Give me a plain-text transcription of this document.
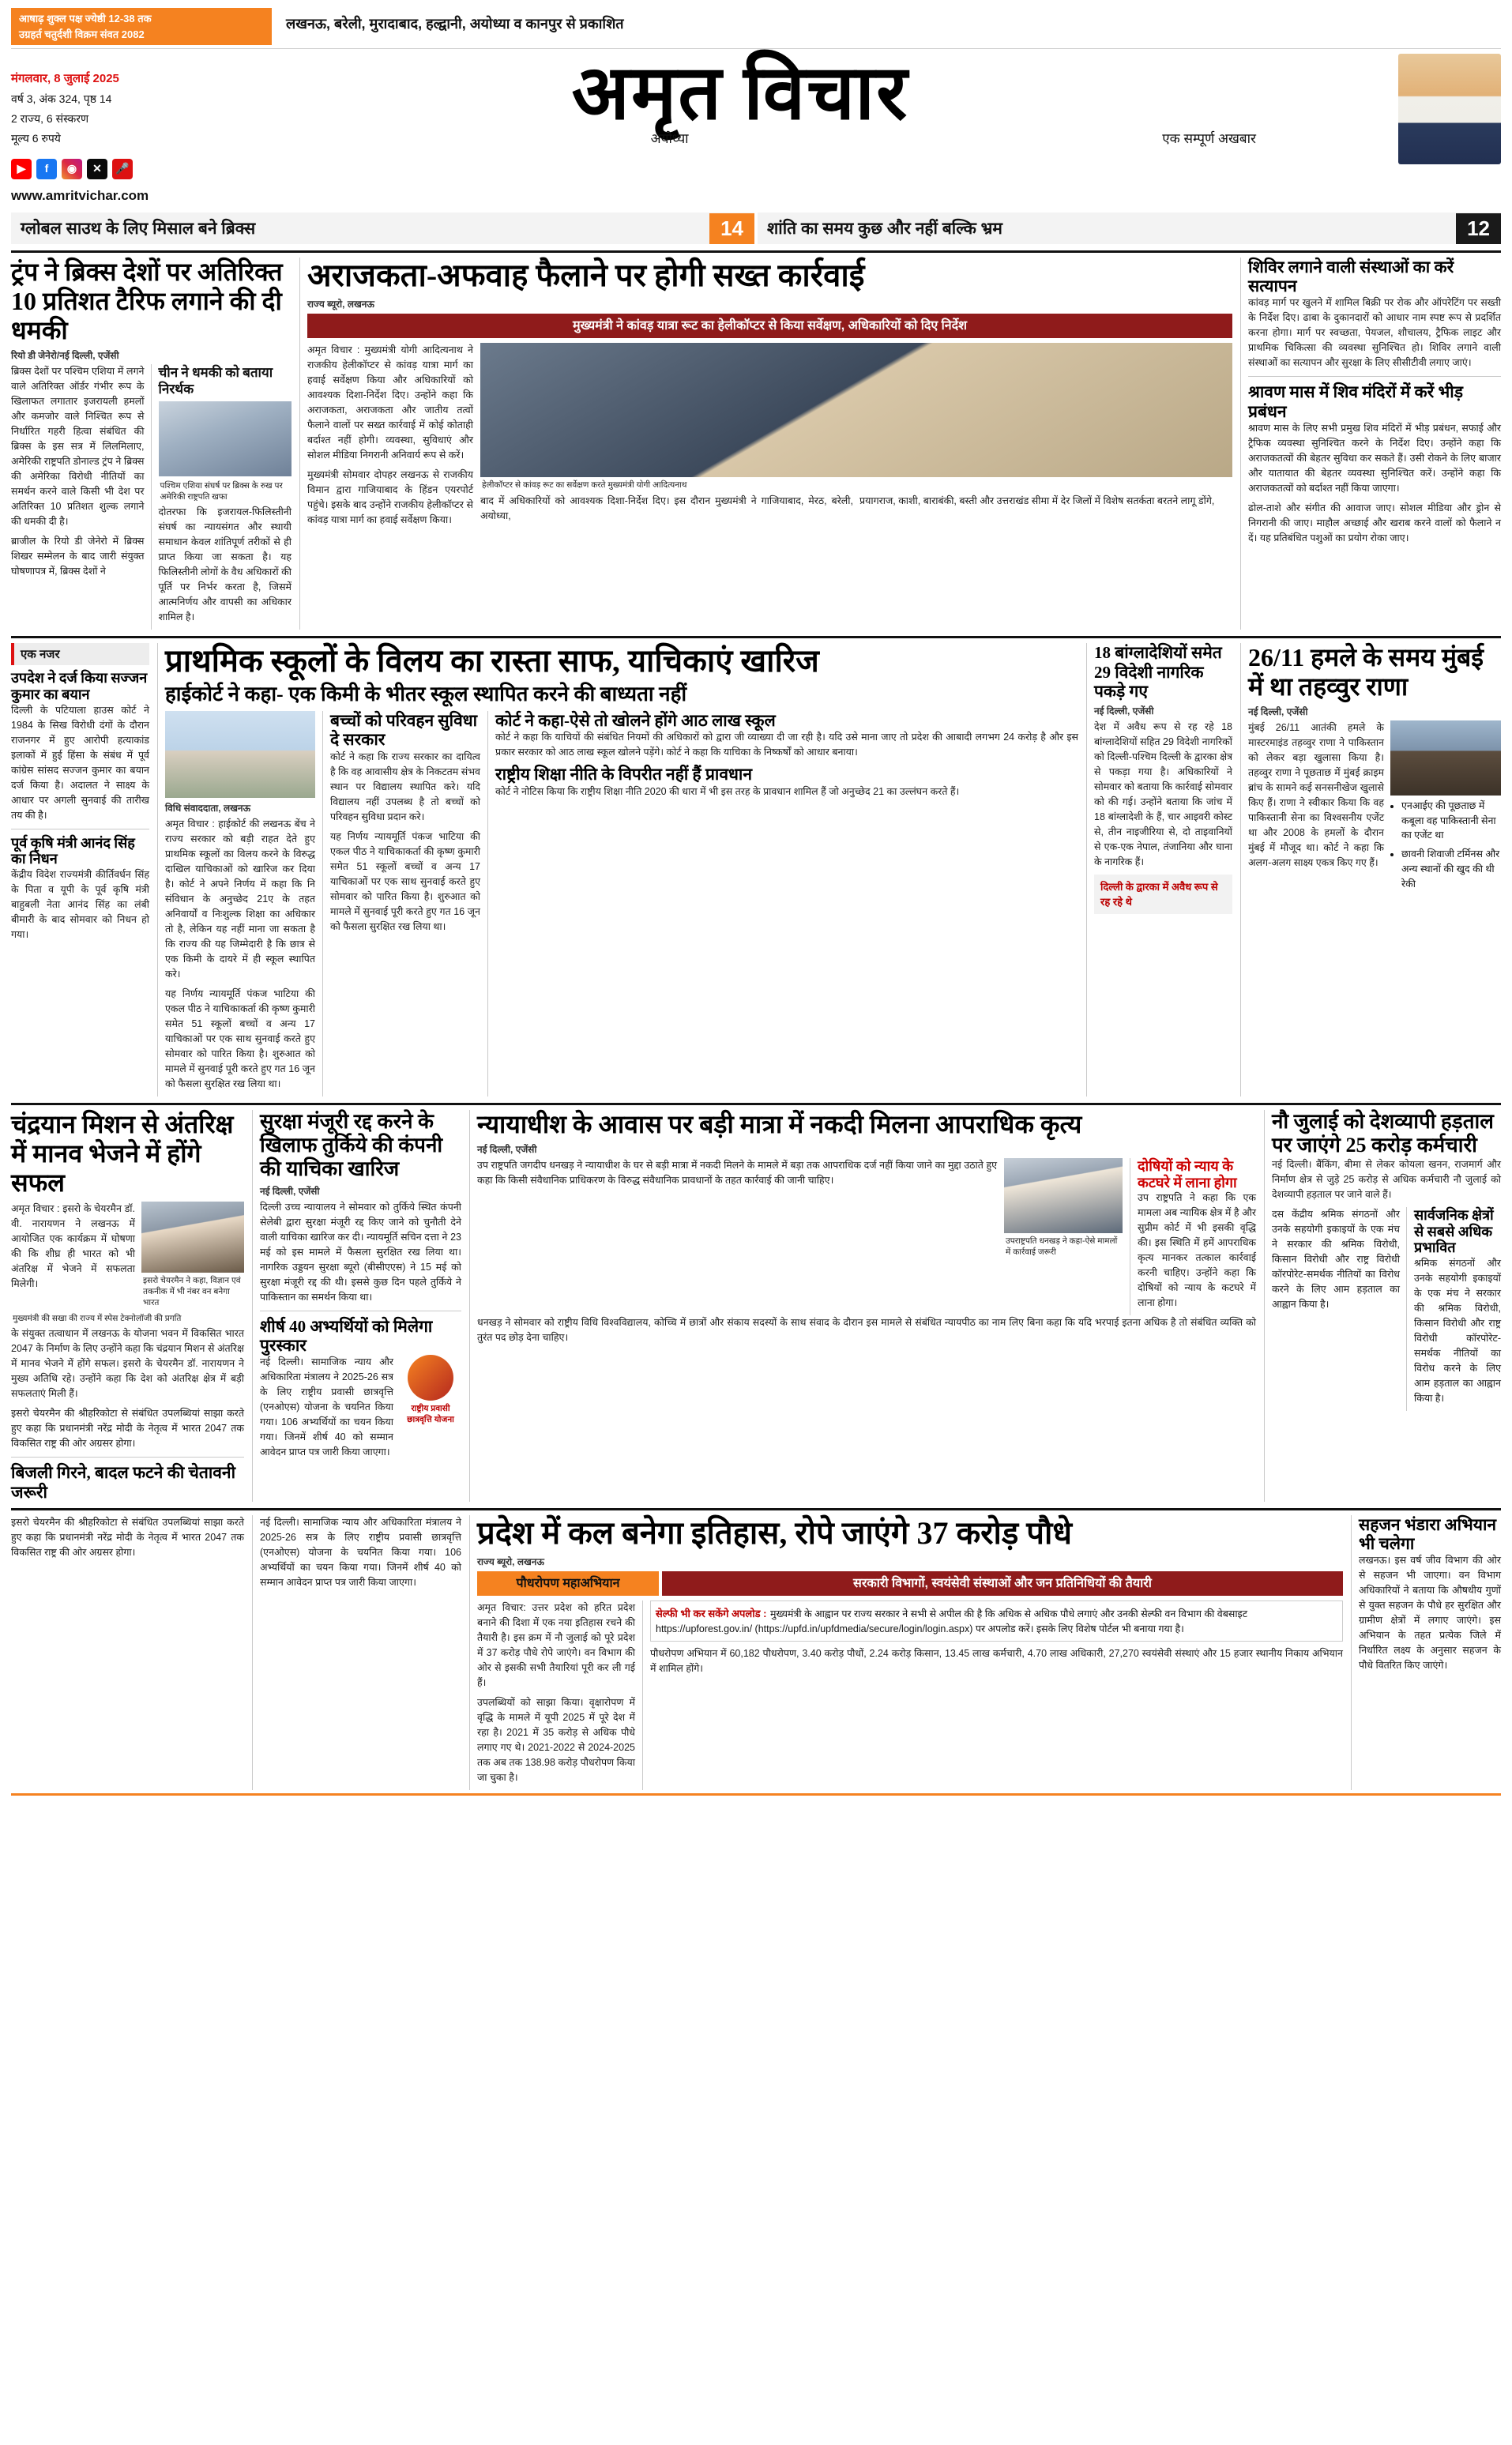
आषाढ़ शुक्ल पक्ष ज्येष्ठी 12-38 तक
उग्रहर्त चतुर्दशी विक्रम संवत 2082
लखनऊ, बरेली, मुरादाबाद, हल्द्वानी, अयोध्या व कानपुर से प्रकाशित
मंगलवार, 8 जुलाई 2025
वर्ष 3, अंक 324, पृष्ठ 14
2 राज्य, 6 संस्करण
मूल्य 6 रुपये
▶	f	◉	✕	🎤
www.amritvichar.com
अमृत विचार
एक सम्पूर्ण अखबार
अयोध्या
ग्लोबल साउथ के लिए मिसाल बने ब्रिक्स	14	शांति का समय कुछ और नहीं बल्कि भ्रम	12
ट्रंप ने ब्रिक्स देशों पर अतिरिक्त 10 प्रतिशत टैरिफ लगाने की दी धमकी
रियो डी जेनेरो/नई दिल्ली, एजेंसी

ब्रिक्स देशों पर पश्चिम एशिया में लगने वाले अतिरिक्त ऑर्डर गंभीर रूप के खिलाफत लगातार इजरायली हमलों और कमजोर वाले निश्चित रूप से निर्धारित गहरी हित्वा संबंधित की ब्रिक्स के इस सत्र में लिलमिलाए, अमेरिकी राष्ट्रपति डोनाल्ड ट्रंप ने ब्रिक्स की अमेरिका विरोधी नीतियों का समर्थन करने वाले किसी भी देश पर अतिरिक्त 10 प्रतिशत शुल्क लगाने की धमकी दी है।

ब्राजील के रियो डी जेनेरो में ब्रिक्स शिखर सम्मेलन के बाद जारी संयुक्त घोषणापत्र में, ब्रिक्स देशों ने

चीन ने धमकी को बताया निरर्थक
पश्चिम एशिया संघर्ष पर ब्रिक्स के रुख पर अमेरिकी राष्ट्रपति खफा

दोतरफा कि इजरायल-फिलिस्तीनी संघर्ष का न्यायसंगत और स्थायी समाधान केवल शांतिपूर्ण तरीकों से ही प्राप्त किया जा सकता है। यह फिलिस्तीनी लोगों के वैध अधिकारों की पूर्ति पर निर्भर करता है, जिसमें आत्मनिर्णय और वापसी का अधिकार शामिल है।

अराजकता-अफवाह फैलाने पर होगी सख्त कार्रवाई
राज्य ब्यूरो, लखनऊ
मुख्यमंत्री ने कांवड़ यात्रा रूट का हेलीकॉप्टर से किया सर्वेक्षण, अधिकारियों को दिए निर्देश

अमृत विचार : मुख्यमंत्री योगी आदित्यनाथ ने राजकीय हेलीकॉप्टर से कांवड़ यात्रा मार्ग का हवाई सर्वेक्षण किया और अधिकारियों को आवश्यक दिशा-निर्देश दिए। उन्होंने कहा कि अराजकता, अराजकता और जातीय तत्वों फैलाने वालों पर सख्त कार्रवाई में कोई कोताही बर्दाश्त नहीं होगी। व्यवस्था, सुविधाएं और सोशल मीडिया निगरानी अनिवार्य रूप से करें।

मुख्यमंत्री सोमवार दोपहर लखनऊ से राजकीय विमान द्वारा गाजियाबाद के हिंडन एयरपोर्ट पहुंचे। इसके बाद उन्होंने राजकीय हेलीकॉप्टर से कांवड़ यात्रा मार्ग का हवाई सर्वेक्षण किया।

हेलीकॉप्टर से कांवड़ रूट का सर्वेक्षण करते मुख्यमंत्री योगी आदित्यनाथ

बाद में अधिकारियों को आवश्यक दिशा-निर्देश दिए। इस दौरान मुख्यमंत्री ने गाजियाबाद, मेरठ, बरेली, अयोध्या,

प्रयागराज, काशी, बाराबंकी, बस्ती और उत्तराखंड सीमा में देर जिलों में विशेष सतर्कता बरतने लागू डोंगे,

शिविर लगाने वाली संस्थाओं का करें सत्यापन

कांवड़ मार्ग पर खुलने में शामिल बिक्री पर रोक और ऑपरेटिंग पर सख्ती के निर्देश दिए। ढाबा के दुकानदारों को आधार नाम स्पष्ट रूप से प्रदर्शित करना होगा। मार्ग पर स्वच्छता, पेयजल, शौचालय, ट्रैफिक लाइट और प्राथमिक चिकित्सा की व्यवस्था सुनिश्चित हो। शिविर लगाने वाली संस्थाओं का सत्यापन और सुरक्षा के लिए सीसीटीवी लगाए जाएं।

श्रावण मास में शिव मंदिरों में करें भीड़ प्रबंधन

श्रावण मास के लिए सभी प्रमुख शिव मंदिरों में भीड़ प्रबंधन, सफाई और ट्रैफिक व्यवस्था सुनिश्चित करने के निर्देश दिए। उन्होंने कहा कि अराजकतत्वों की बेहतर सुविधा कर सकते हैं। उसी रोकने के लिए बाजार और यातायात की बेहतर व्यवस्था सुनिश्चित करें। उन्होंने कहा कि अराजकतत्वों को बर्दाश्त नहीं किया जाएगा।

ढोल-ताशे और संगीत की आवाज जाए। सोशल मीडिया और ड्रोन से निगरानी की जाए। माहौल अच्छाई और खराब करने वालों को फैलाने न दें। यह प्रतिबंधित पशुओं का प्रयोग रोका जाए।

एक नजर
उपदेश ने दर्ज किया सज्जन कुमार का बयान

दिल्ली के पटियाला हाउस कोर्ट ने 1984 के सिख विरोधी दंगों के दौरान राजनगर में हुए आरोपी हत्याकांड इलाकों में हुई हिंसा के संबंध में पूर्व कांग्रेस सांसद सज्जन कुमार का बयान दर्ज किया है। अदालत ने साक्ष्य के आधार पर अगली सुनवाई की तारीख तय की है।

पूर्व कृषि मंत्री आनंद सिंह का निधन

केंद्रीय विदेश राज्यमंत्री कीर्तिवर्धन सिंह के पिता व यूपी के पूर्व कृषि मंत्री बाहुबली नेता आनंद सिंह का लंबी बीमारी के बाद सोमवार को निधन हो गया।

प्राथमिक स्कूलों के विलय का रास्ता साफ, याचिकाएं खारिज
हाईकोर्ट ने कहा- एक किमी के भीतर स्कूल स्थापित करने की बाध्यता नहीं
विधि संवाददाता, लखनऊ

अमृत विचार : हाईकोर्ट की लखनऊ बेंच ने राज्य सरकार को बड़ी राहत देते हुए प्राथमिक स्कूलों का विलय करने के विरुद्ध दाखिल याचिकाओं को खारिज कर दिया है। कोर्ट ने अपने निर्णय में कहा कि नि संविधान के अनुच्छेद 21ए के तहत अनिवार्यों व निःशुल्क शिक्षा का अधिकार तो है, लेकिन यह नहीं माना जा सकता है कि राज्य की यह जिम्मेदारी है कि छात्र से एक किमी के दायरे में ही स्कूल स्थापित करे।

यह निर्णय न्यायमूर्ति पंकज भाटिया की एकल पीठ ने याचिकाकर्ता की कृष्ण कुमारी समेत 51 स्कूलों बच्चों व अन्य 17 याचिकाओं पर एक साथ सुनवाई करते हुए सोमवार को पारित किया है। शुरुआत को मामले में सुनवाई पूरी करते हुए गत 16 जून को फैसला सुरक्षित रख लिया था।

बच्चों को परिवहन सुविधा दे सरकार

कोर्ट ने कहा कि राज्य सरकार का दायित्व है कि वह आवासीय क्षेत्र के निकटतम संभव स्थान पर विद्यालय स्थापित करे। यदि विद्यालय नहीं उपलब्ध है तो बच्चों को परिवहन सुविधा प्रदान करे।

यह निर्णय न्यायमूर्ति पंकज भाटिया की एकल पीठ ने याचिकाकर्ता की कृष्ण कुमारी समेत 51 स्कूलों बच्चों व अन्य 17 याचिकाओं पर एक साथ सुनवाई करते हुए सोमवार को पारित किया है। शुरुआत को मामले में सुनवाई पूरी करते हुए गत 16 जून को फैसला सुरक्षित रख लिया था।

कोर्ट ने कहा-ऐसे तो खोलने होंगे आठ लाख स्कूल

कोर्ट ने कहा कि याचियों की संबंधित नियमों की अधिकारों को द्वारा जी व्याख्या दी जा रही है। यदि उसे माना जाए तो प्रदेश की आबादी लगभग 24 करोड़ है और इस प्रकार सरकार को आठ लाख स्कूल खोलने पड़ेंगे। कोर्ट ने कहा कि याचिका के निष्कर्षों को आधार बनाया।

राष्ट्रीय शिक्षा नीति के विपरीत नहीं हैं प्रावधान

कोर्ट ने नोटिस किया कि राष्ट्रीय शिक्षा नीति 2020 की धारा में भी इस तरह के प्रावधान शामिल हैं जो अनुच्छेद 21 का उल्लंघन करते हैं।

18 बांग्लादेशियों समेत 29 विदेशी नागरिक पकड़े गए
नई दिल्ली, एजेंसी

देश में अवैध रूप से रह रहे 18 बांग्लादेशियों सहित 29 विदेशी नागरिकों को दिल्ली-पश्चिम दिल्ली के द्वारका क्षेत्र से पकड़ा गया है। अधिकारियों ने सोमवार को बताया कि कार्रवाई सोमवार को की गई। उन्होंने बताया कि जांच में 18 बांग्लादेशी के हैं, चार आइवरी कोस्ट से, तीन नाइजीरिया से, दो ताइवानियों से एक-एक नेपाल, तंजानिया और घाना के नागरिक हैं।

दिल्ली के द्वारका में अवैध रूप से रह रहे थे
26/11 हमले के समय मुंबई में था तहव्वुर राणा
नई दिल्ली, एजेंसी

मुंबई 26/11 आतंकी हमले के मास्टरमाइंड तहव्वुर राणा ने पाकिस्तान को लेकर बड़ा खुलासा किया है। तहव्वुर राणा ने पूछताछ में मुंबई क्राइम ब्रांच के सामने कई सनसनीखेज खुलासे किए हैं। राणा ने स्वीकार किया कि वह पाकिस्तानी सेना का विश्वसनीय एजेंट था और 2008 के हमलों के दौरान मुंबई में मौजूद था। कोर्ट ने कहा कि अलग-अलग साक्ष्य एकत्र किए गए हैं।

• एनआईए की पूछताछ में कबूला वह पाकिस्तानी सेना का एजेंट था
• छावनी शिवाजी टर्मिनस और अन्य स्थानों की खुद की थी रेकी
चंद्रयान मिशन से अंतरिक्ष में मानव भेजने में होंगे सफल

अमृत विचार : इसरो के चेयरमैन डॉ. वी. नारायणन ने लखनऊ में आयोजित एक कार्यक्रम में घोषणा की कि शीघ्र ही भारत को भी अंतरिक्ष में भेजने में सफलता मिलेगी।	इसरो चेयरमैन ने कहा, विज्ञान एवं तकनीक में भी नंबर वन बनेगा भारत
मुख्यमंत्री की सखा की राज्य में स्पेस टेक्नोलॉजी की प्रगति

के संयुक्त तत्वाधान में लखनऊ के योजना भवन में विकसित भारत 2047 के निर्माण के लिए उन्होंने कहा कि चंद्रयान मिशन से अंतरिक्ष में मानव भेजने में होंगे सफल। इसरो के चेयरमैन डॉ. नारायणन ने मुख्य अतिथि रहे। उन्होंने कहा कि देश को अंतरिक्ष क्षेत्र में बड़ी सफलताएं मिली हैं।

इसरो चेयरमैन की श्रीहरिकोटा से संबंधित उपलब्धियां साझा करते हुए कहा कि प्रधानमंत्री नरेंद्र मोदी के नेतृत्व में भारत 2047 तक विकसित राष्ट्र की ओर अग्रसर होगा।

बिजली गिरने, बादल फटने की चेतावनी जरूरी
सुरक्षा मंजूरी रद्द करने के खिलाफ तुर्किये की कंपनी की याचिका खारिज
नई दिल्ली, एजेंसी

दिल्ली उच्च न्यायालय ने सोमवार को तुर्किये स्थित कंपनी सेलेबी द्वारा सुरक्षा मंजूरी रद्द किए जाने को चुनौती देने वाली याचिका खारिज कर दी। न्यायमूर्ति सचिन दत्ता ने 23 मई को इस मामले में फैसला सुरक्षित रख लिया था। नागरिक उड्डयन सुरक्षा ब्यूरो (बीसीएएस) ने 15 मई को सुरक्षा मंजूरी रद्द की थी। इससे कुछ दिन पहले तुर्किये ने पाकिस्तान का समर्थन किया था।

शीर्ष 40 अभ्यर्थियों को मिलेगा पुरस्कार

नई दिल्ली। सामाजिक न्याय और अधिकारिता मंत्रालय ने 2025-26 सत्र के लिए राष्ट्रीय प्रवासी छात्रवृत्ति (एनओएस) योजना के चयनित किया गया। 106 अभ्यर्थियों का चयन किया गया। जिनमें शीर्ष 40 को सम्मान आवेदन प्राप्त पत्र जारी किया जाएगा।

राष्ट्रीय प्रवासी छात्रवृत्ति योजना
न्यायाधीश के आवास पर बड़ी मात्रा में नकदी मिलना आपराधिक कृत्य
नई दिल्ली, एजेंसी

उप राष्ट्रपति जगदीप धनखड़ ने न्यायाधीश के घर से बड़ी मात्रा में नकदी मिलने के मामले में बड़ा तक आपराधिक दर्ज नहीं किया जाने का मुद्दा उठाते हुए कहा कि किसी संवैधानिक प्राधिकरण के विरुद्ध संवैधानिक प्रावधानों के तहत कार्रवाई की जानी चाहिए।

उपराष्ट्रपति धनखड़ ने कहा-ऐसे मामलों में कार्रवाई जरूरी
दोषियों को न्याय के कटघरे में लाना होगा

उप राष्ट्रपति ने कहा कि एक मामला अब न्यायिक क्षेत्र में है और सुप्रीम कोर्ट में भी इसकी वृद्धि की। इस स्थिति में हमें आपराधिक कृत्य मानकर तत्काल कार्रवाई करनी चाहिए। उन्होंने कहा कि दोषियों को न्याय के कटघरे में लाना होगा।

धनखड़ ने सोमवार को राष्ट्रीय विधि विश्वविद्यालय, कोच्चि में छात्रों और संकाय सदस्यों के साथ संवाद के दौरान इस मामले से संबंधित न्यायपीठ का नाम लिए बिना कहा कि यदि भरपाई इतना अधिक है तो संबंधित व्यक्ति को तुरंत पद छोड़ देना चाहिए।

नौ जुलाई को देशव्यापी हड़ताल पर जाएंगे 25 करोड़ कर्मचारी

नई दिल्ली। बैंकिंग, बीमा से लेकर कोयला खनन, राजमार्ग और निर्माण क्षेत्र से जुड़े 25 करोड़ से अधिक कर्मचारी नौ जुलाई को देशव्यापी हड़ताल पर जाने वाले हैं।

दस केंद्रीय श्रमिक संगठनों और उनके सहयोगी इकाइयों के एक मंच ने सरकार की श्रमिक विरोधी, किसान विरोधी और राष्ट्र विरोधी कॉरपोरेट-समर्थक नीतियों का विरोध करने के लिए आम हड़ताल का आह्वान किया है।

सार्वजनिक क्षेत्रों से सबसे अधिक प्रभावित

श्रमिक संगठनों और उनके सहयोगी इकाइयों के एक मंच ने सरकार की श्रमिक विरोधी, किसान विरोधी और राष्ट्र विरोधी कॉरपोरेट-समर्थक नीतियों का विरोध करने के लिए आम हड़ताल का आह्वान किया है।

इसरो चेयरमैन की श्रीहरिकोटा से संबंधित उपलब्धियां साझा करते हुए कहा कि प्रधानमंत्री नरेंद्र मोदी के नेतृत्व में भारत 2047 तक विकसित राष्ट्र की ओर अग्रसर होगा।

नई दिल्ली। सामाजिक न्याय और अधिकारिता मंत्रालय ने 2025-26 सत्र के लिए राष्ट्रीय प्रवासी छात्रवृत्ति (एनओएस) योजना के चयनित किया गया। 106 अभ्यर्थियों का चयन किया गया। जिनमें शीर्ष 40 को सम्मान आवेदन प्राप्त पत्र जारी किया जाएगा।

प्रदेश में कल बनेगा इतिहास, रोपे जाएंगे 37 करोड़ पौधे
राज्य ब्यूरो, लखनऊ
पौधरोपण महाअभियान	सरकारी विभागों, स्वयंसेवी संस्थाओं और जन प्रतिनिधियों की तैयारी

अमृत विचार: उत्तर प्रदेश को हरित प्रदेश बनाने की दिशा में एक नया इतिहास रचने की तैयारी है। इस क्रम में नौ जुलाई को पूरे प्रदेश में 37 करोड़ पौधे रोपे जाएंगे। वन विभाग की ओर से इसकी सभी तैयारियां पूरी कर ली गई हैं।

उपलब्धियों को साझा किया। वृक्षारोपण में वृद्धि के मामले में यूपी 2025 में पूरे देश में रहा है। 2021 में 35 करोड़ से अधिक पौधे लगाए गए थे। 2021-2022 से 2024-2025 तक अब तक 138.98 करोड़ पौधरोपण किया जा चुका है।

सेल्फी भी कर सकेंगे अपलोड : मुख्यमंत्री के आह्वान पर राज्य सरकार ने सभी से अपील की है कि अधिक से अधिक पौधे लगाएं और उनकी सेल्फी वन विभाग की वेबसाइट https://upforest.gov.in/ (https://upfd.in/upfdmedia/secure/login/login.aspx) पर अपलोड करें। इसके लिए विशेष पोर्टल भी बनाया गया है।

पौधरोपण अभियान में 60,182 पौधरोपण, 3.40 करोड़ पौधों, 2.24 करोड़ किसान, 13.45 लाख कर्मचारी, 4.70 लाख अधिकारी, 27,270 स्वयंसेवी संस्थाएं और 15 हजार स्थानीय निकाय अभियान में शामिल होंगे।

सहजन भंडारा अभियान भी चलेगा

लखनऊ। इस वर्ष जीव विभाग की ओर से सहजन भी जाएगा। वन विभाग अधिकारियों ने बताया कि औषधीय गुणों से युक्त सहजन के पौधे हर सुरक्षित और ग्रामीण क्षेत्रों में लगाए जाएंगे। इस अभियान के तहत प्रत्येक जिले में निर्धारित लक्ष्य के अनुसार सहजन के पौधे वितरित किए जाएंगे।
